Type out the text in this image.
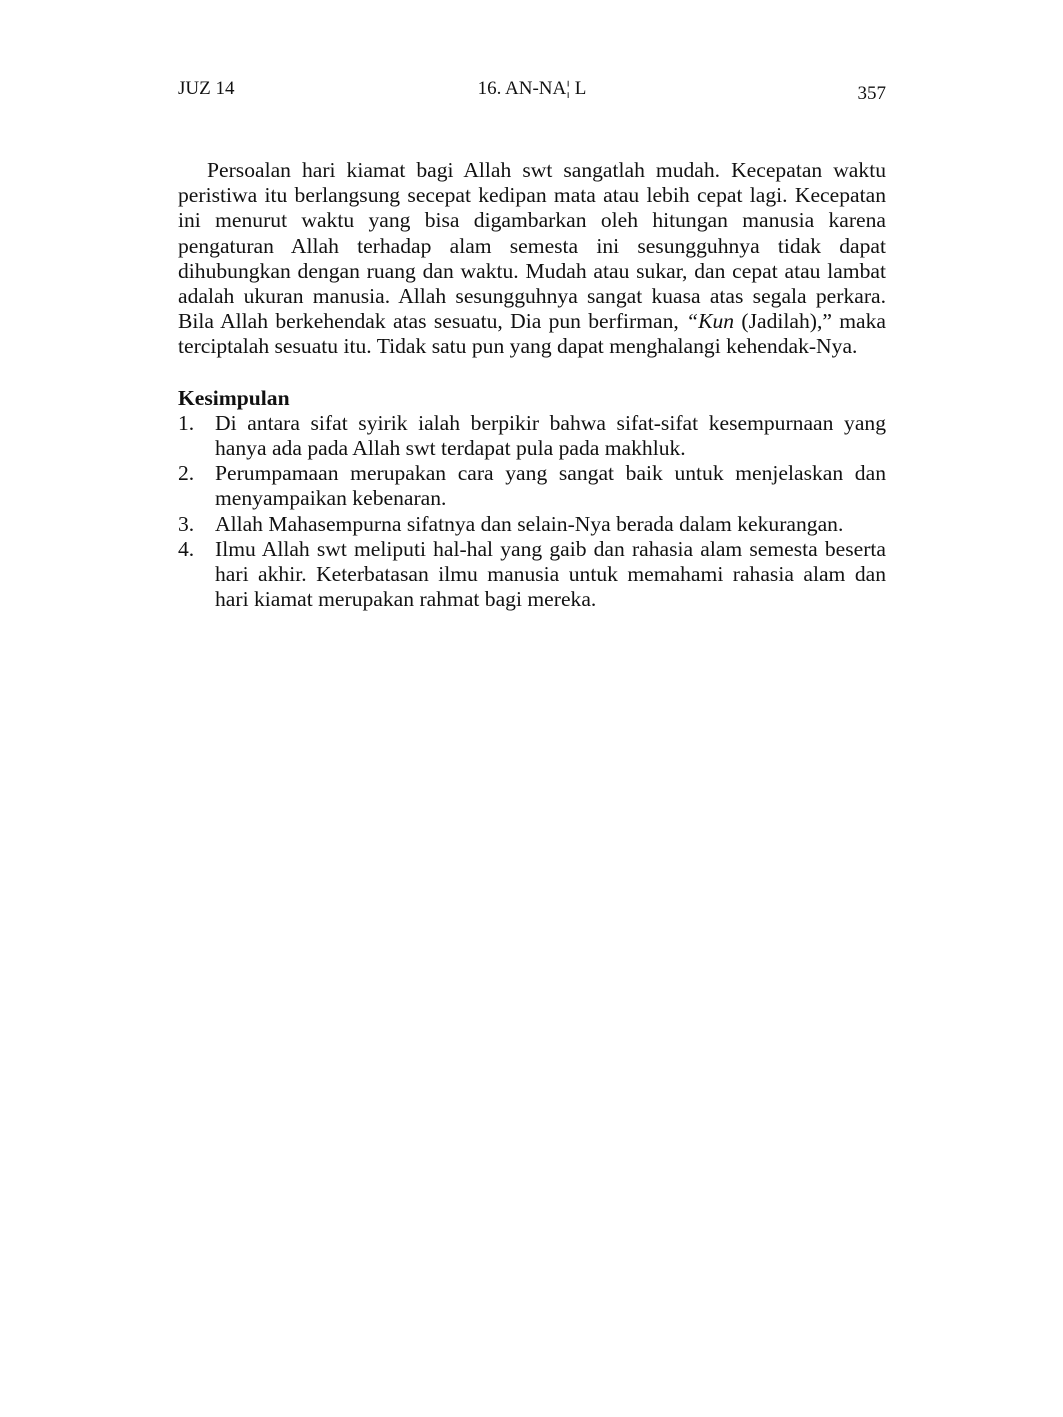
JUZ 14	16. AN-NA¦ L	357

Persoalan hari kiamat bagi Allah swt sangatlah mudah. Kecepatan waktu peristiwa itu berlangsung secepat kedipan mata atau lebih cepat lagi. Kecepatan ini menurut waktu yang bisa digambarkan oleh hitungan manusia karena pengaturan Allah terhadap alam semesta ini sesungguhnya tidak dapat dihubungkan dengan ruang dan waktu. Mudah atau sukar, dan cepat atau lambat adalah ukuran manusia. Allah sesungguhnya sangat kuasa atas segala perkara. Bila Allah berkehendak atas sesuatu, Dia pun berfirman, “Kun (Jadilah),” maka terciptalah sesuatu itu. Tidak satu pun yang dapat menghalangi kehendak-Nya.

Kesimpulan
1. Di antara sifat syirik ialah berpikir bahwa sifat-sifat kesempurnaan yang hanya ada pada Allah swt terdapat pula pada makhluk.
2. Perumpamaan merupakan cara yang sangat baik untuk menjelaskan dan menyampaikan kebenaran.
3. Allah Mahasempurna sifatnya dan selain-Nya berada dalam kekurangan.
4. Ilmu Allah swt meliputi hal-hal yang gaib dan rahasia alam semesta beserta hari akhir. Keterbatasan ilmu manusia untuk memahami rahasia alam dan hari kiamat merupakan rahmat bagi mereka.
